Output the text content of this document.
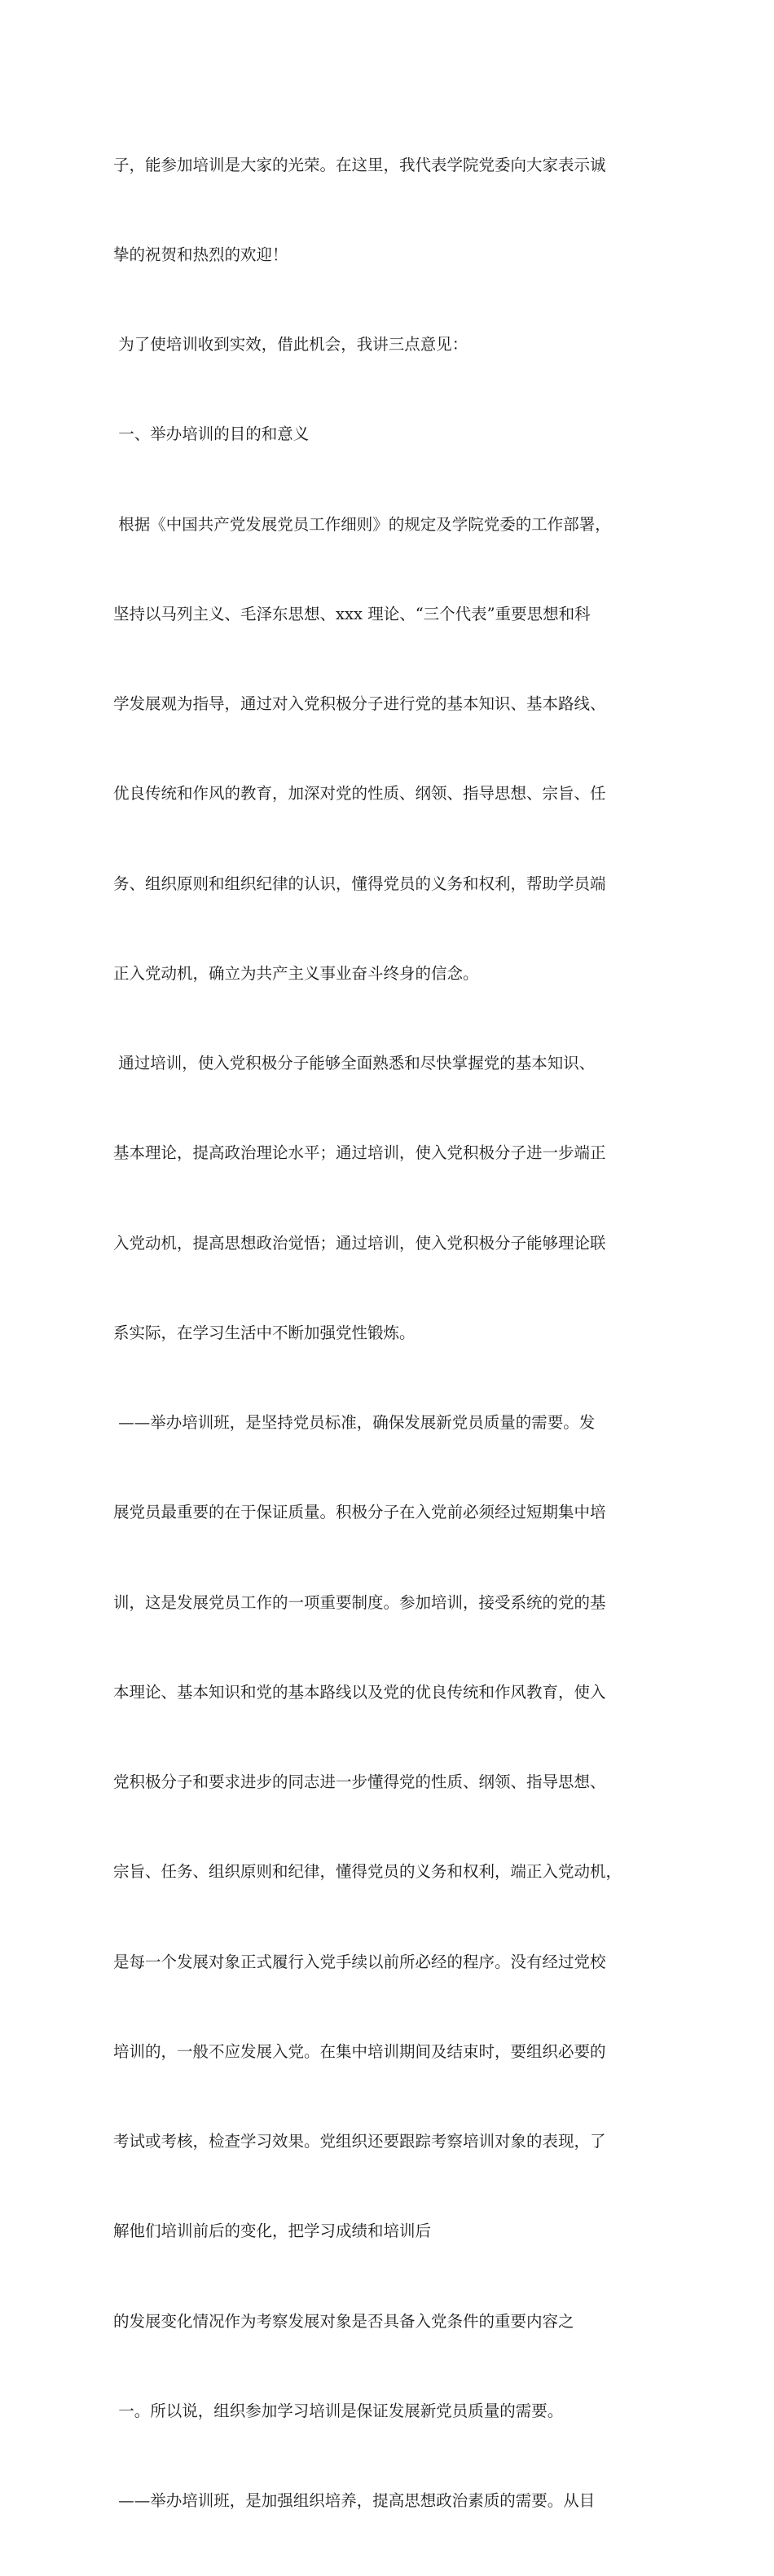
子，能参加培训是大家的光荣。在这里，我代表学院党委向大家表示诚

挚的祝贺和热烈的欢迎！

为了使培训收到实效，借此机会，我讲三点意见：

一、举办培训的目的和意义

根据《中国共产党发展党员工作细则》的规定及学院党委的工作部署，

坚持以马列主义、毛泽东思想、xxx 理论、“三个代表”重要思想和科

学发展观为指导，通过对入党积极分子进行党的基本知识、基本路线、

优良传统和作风的教育，加深对党的性质、纲领、指导思想、宗旨、任

务、组织原则和组织纪律的认识，懂得党员的义务和权利，帮助学员端

正入党动机，确立为共产主义事业奋斗终身的信念。

通过培训，使入党积极分子能够全面熟悉和尽快掌握党的基本知识、

基本理论，提高政治理论水平；通过培训，使入党积极分子进一步端正

入党动机，提高思想政治觉悟；通过培训，使入党积极分子能够理论联

系实际，在学习生活中不断加强党性锻炼。

——举办培训班，是坚持党员标准，确保发展新党员质量的需要。发

展党员最重要的在于保证质量。积极分子在入党前必须经过短期集中培

训，这是发展党员工作的一项重要制度。参加培训，接受系统的党的基

本理论、基本知识和党的基本路线以及党的优良传统和作风教育，使入

党积极分子和要求进步的同志进一步懂得党的性质、纲领、指导思想、

宗旨、任务、组织原则和纪律，懂得党员的义务和权利，端正入党动机，

是每一个发展对象正式履行入党手续以前所必经的程序。没有经过党校

培训的，一般不应发展入党。在集中培训期间及结束时，要组织必要的

考试或考核，检查学习效果。党组织还要跟踪考察培训对象的表现，了

解他们培训前后的变化，把学习成绩和培训后

的发展变化情况作为考察发展对象是否具备入党条件的重要内容之

一。所以说，组织参加学习培训是保证发展新党员质量的需要。

——举办培训班，是加强组织培养，提高思想政治素质的需要。从目
